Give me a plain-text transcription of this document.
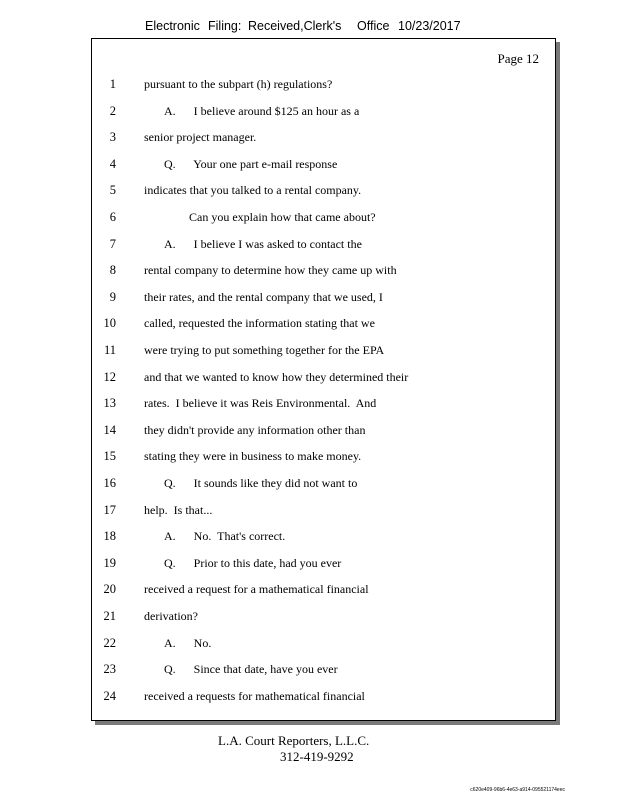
Electronic Filing: Received,Clerk's Office 10/23/2017
Page 12
1 pursuant to the subpart (h) regulations?
2	A.      I believe around $125 an hour as a
3 senior project manager.
4	Q.      Your one part e-mail response
5 indicates that you talked to a rental company.
6	Can you explain how that came about?
7	A.      I believe I was asked to contact the
8 rental company to determine how they came up with
9 their rates, and the rental company that we used, I
10 called, requested the information stating that we
11 were trying to put something together for the EPA
12 and that we wanted to know how they determined their
13 rates.  I believe it was Reis Environmental.  And
14 they didn't provide any information other than
15 stating they were in business to make money.
16	Q.      It sounds like they did not want to
17 help.  Is that...
18	A.      No.  That's correct.
19	Q.      Prior to this date, had you ever
20 received a request for a mathematical financial
21 derivation?
22	A.      No.
23	Q.      Since that date, have you ever
24 received a requests for mathematical financial
L.A. Court Reporters, L.L.C.
312-419-9292
c620e409-96b6-4e63-a914-095521174eec
